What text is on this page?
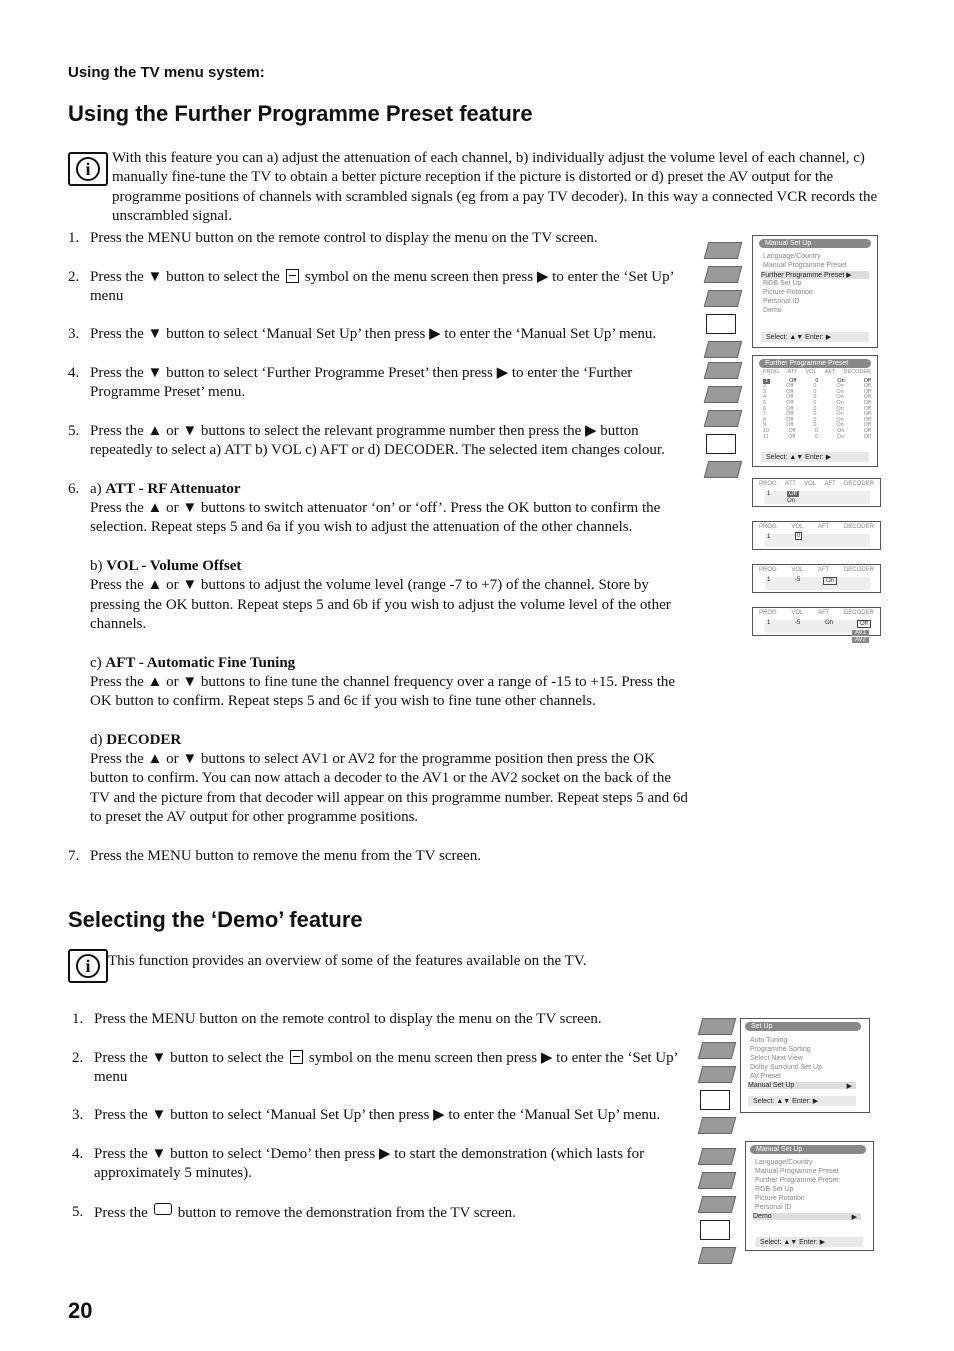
Using the TV menu system:
Using the Further Programme Preset feature
i
With this feature you can a) adjust the attenuation of each channel, b) individually adjust the volume level of each channel, c) manually fine-tune the TV to obtain a better picture reception if the picture is distorted or d) preset the AV output for the programme positions of channels with scrambled signals (eg from a pay TV decoder). In this way a connected VCR records the unscrambled signal.
1. Press the MENU button on the remote control to display the menu on the TV screen.
2. Press the ▼ button to select the symbol on the menu screen then press ▶ to enter the ‘Set Up’ menu
3. Press the ▼ button to select ‘Manual Set Up’ then press ▶ to enter the ‘Manual Set Up’ menu.
4. Press the ▼ button to select ‘Further Programme Preset’ then press ▶ to enter the ‘Further Programme Preset’ menu.
5. Press the ▲ or ▼ buttons to select the relevant programme number then press the ▶ button repeatedly to select a) ATT b) VOL c) AFT or d) DECODER. The selected item changes colour.
6. a) ATT - RF Attenuator
Press the ▲ or ▼ buttons to switch attenuator ‘on’ or ‘off’. Press the OK button to confirm the selection. Repeat steps 5 and 6a if you wish to adjust the attenuation of the other channels.
b) VOL - Volume Offset
Press the ▲ or ▼ buttons to adjust the volume level (range -7 to +7) of the channel. Store by pressing the OK button. Repeat steps 5 and 6b if you wish to adjust the volume level of the other channels.
c) AFT - Automatic Fine Tuning
Press the ▲ or ▼ buttons to fine tune the channel frequency over a range of -15 to +15. Press the OK button to confirm. Repeat steps 5 and 6c if you wish to fine tune other channels.
d) DECODER
Press the ▲ or ▼ buttons to select AV1 or AV2 for the programme position then press the OK button to confirm. You can now attach a decoder to the AV1 or the AV2 socket on the back of the TV and the picture from that decoder will appear on this programme number. Repeat steps 5 and 6d to preset the AV output for other programme positions.
7. Press the MENU button to remove the menu from the TV screen.
Selecting the ‘Demo’ feature
i	This function provides an overview of some of the features available on the TV.
1. Press the MENU button on the remote control to display the menu on the TV screen.
2. Press the ▼ button to select the symbol on the menu screen then press ▶ to enter the ‘Set Up’ menu
3. Press the ▼ button to select ‘Manual Set Up’ then press ▶ to enter the ‘Manual Set Up’ menu.
4. Press the ▼ button to select ‘Demo’ then press ▶ to start the demonstration (which lasts for approximately 5 minutes).
5. Press the button to remove the demonstration from the TV screen.
20
Manual Set Up
Language/Country
Manual Programme Preset
Further Programme Preset ▶
RGB Set Up
Picture Rotation
Personal ID
Demo
Select: ▲▼ Enter: ▶
Further Programme Preset
PROG ATT VOL AFT DECODER
1	Off	0	On	Off
2	Off	0	On	Off
3	Off	0	On	Off
4	Off	0	On	Off
5	Off	0	On	Off
6	Off	0	On	Off
7	Off	0	On	Off
8	Off	0	On	Off
9	Off	0	On	Off
10	Off	0	On	Off
11	Off	0	On	Off
Select: ▲▼ Enter: ▶
PROG ATT VOL AFT DECODER
1	Off
On
PROG VOL AFT DECODER
1	0
PROG VOL AFT DECODER
1	-5	On
PROG VOL AFT DECODER
1	-5	On	Off
AV1
AV2
Set Up
Auto Tuning
Programme Sorting
Select Next View
Dolby Surround Set Up
AV Preset
Manual Set Up	▶
Select: ▲▼ Enter: ▶
Manual Set Up
Language/Country
Manual Programme Preset
Further Programme Preset
RGB Set Up
Picture Rotation
Personal ID
Demo	▶
Select: ▲▼ Enter: ▶
